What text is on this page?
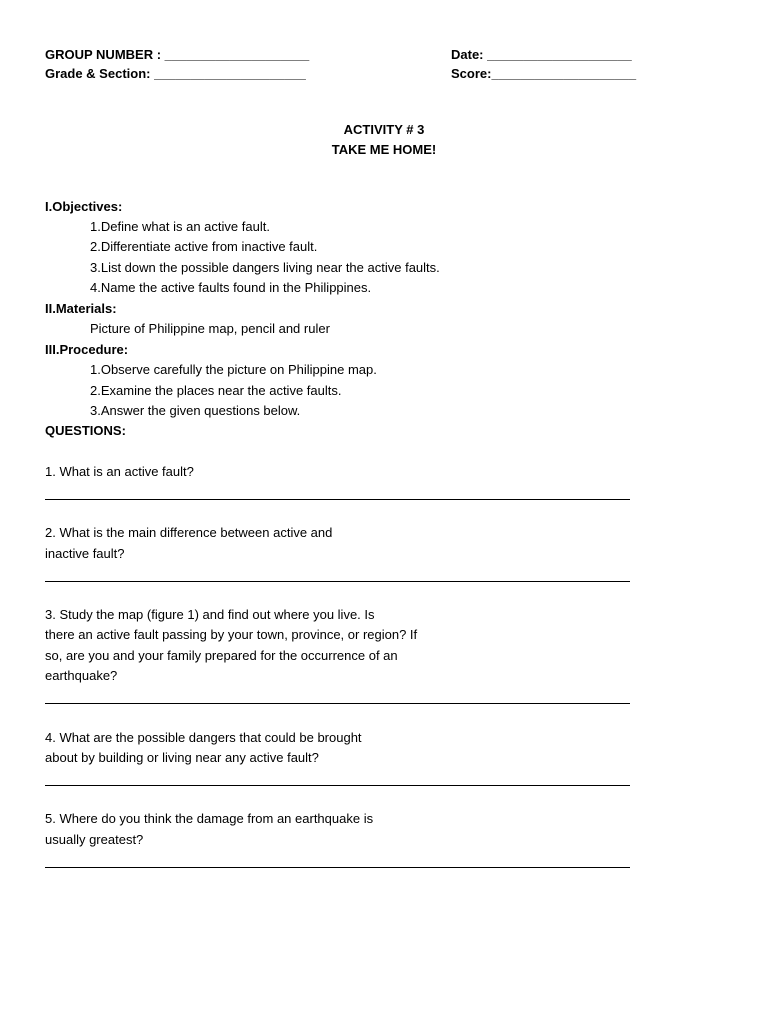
GROUP NUMBER : ____________________
Grade & Section: _____________________
Date: ____________________
Score:____________________
ACTIVITY # 3
TAKE ME HOME!
I.Objectives:
1.Define what is an active fault.
2.Differentiate active from inactive fault.
3.List down the possible dangers living near the active faults.
4.Name the active faults found in the Philippines.
II.Materials:
Picture of Philippine map, pencil and ruler
III.Procedure:
1.Observe carefully the picture on Philippine map.
2.Examine the places near the active faults.
3.Answer the given questions below.
QUESTIONS:
1. What is an active fault?
2. What is the main difference between active and
inactive fault?
3. Study the map (figure 1) and find out where you live. Is
there an active fault passing by your town, province, or region? If
so, are you and your family prepared for the occurrence of an
earthquake?
4. What are the possible dangers that could be brought
about by building or living near any active fault?
5. Where do you think the damage from an earthquake is
usually greatest?
